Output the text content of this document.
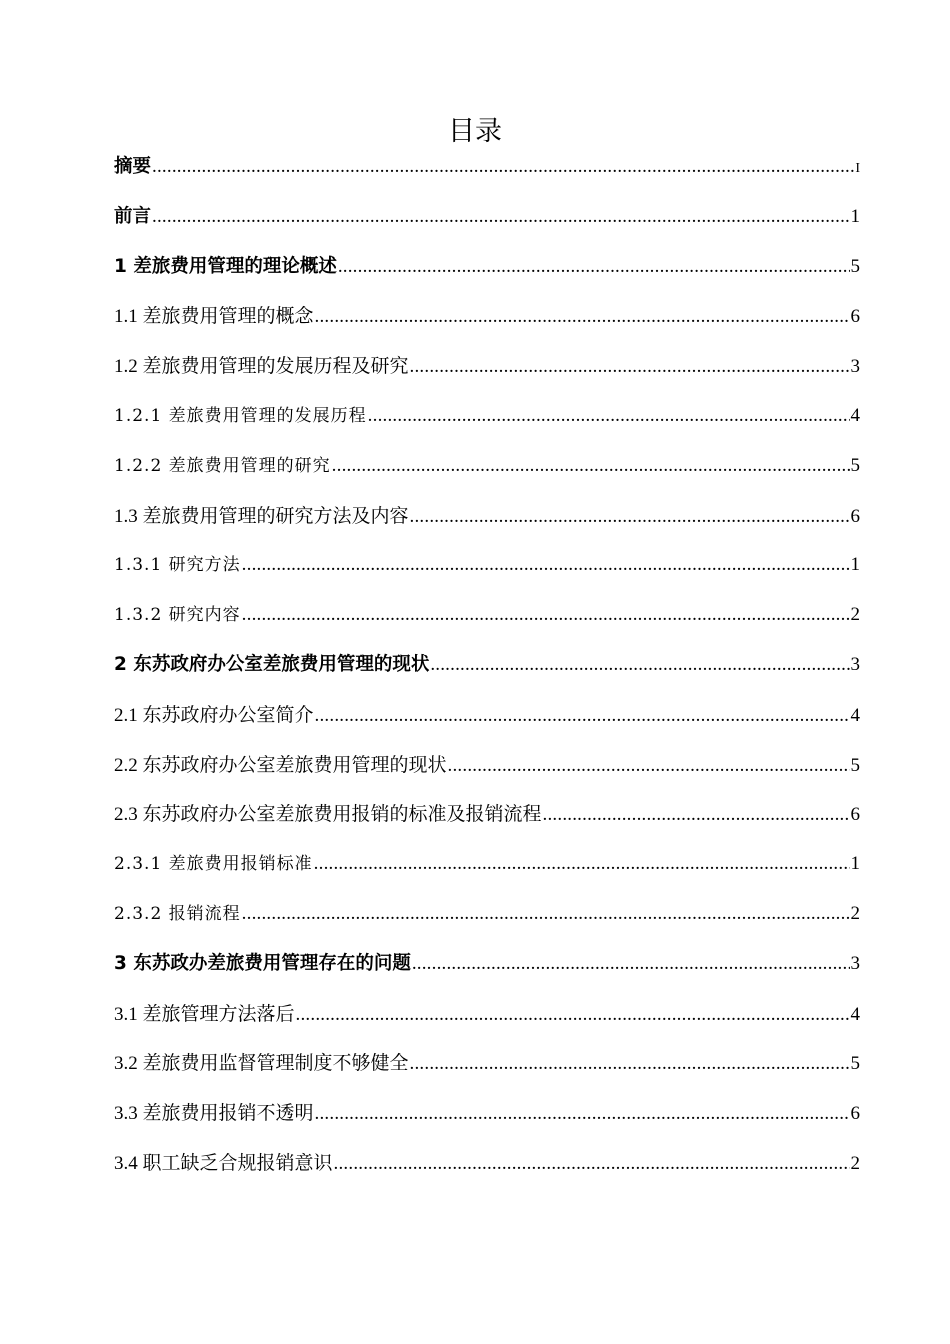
目录
摘要 .....	I
前言 .....	1
1 差旅费用管理的理论概述 .....	5
1.1 差旅费用管理的概念 .....	6
1.2 差旅费用管理的发展历程及研究 .....	3
1.2.1 差旅费用管理的发展历程 .....	4
1.2.2 差旅费用管理的研究 .....	5
1.3 差旅费用管理的研究方法及内容 .....	6
1.3.1 研究方法 .....	1
1.3.2 研究内容 .....	2
2 东苏政府办公室差旅费用管理的现状 .....	3
2.1 东苏政府办公室简介 .....	4
2.2 东苏政府办公室差旅费用管理的现状 .....	5
2.3 东苏政府办公室差旅费用报销的标准及报销流程 .....	6
2.3.1 差旅费用报销标准 .....	1
2.3.2 报销流程 .....	2
3 东苏政办差旅费用管理存在的问题 .....	3
3.1 差旅管理方法落后 .....	4
3.2 差旅费用监督管理制度不够健全 .....	5
3.3 差旅费用报销不透明 .....	6
3.4 职工缺乏合规报销意识 .....	2
